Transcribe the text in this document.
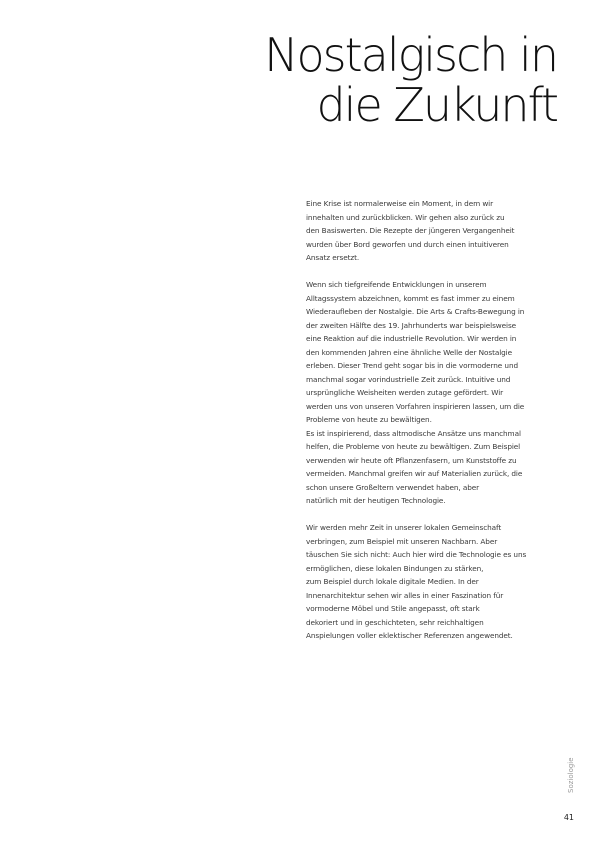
Nostalgisch in
die Zukunft

Eine Krise ist normalerweise ein Moment, in dem wir
innehalten und zurückblicken. Wir gehen also zurück zu
den Basiswerten. Die Rezepte der jüngeren Vergangenheit
wurden über Bord geworfen und durch einen intuitiveren
Ansatz ersetzt.

Wenn sich tiefgreifende Entwicklungen in unserem
Alltagssystem abzeichnen, kommt es fast immer zu einem
Wiederaufleben der Nostalgie. Die Arts & Crafts-Bewegung in
der zweiten Hälfte des 19. Jahrhunderts war beispielsweise
eine Reaktion auf die industrielle Revolution. Wir werden in
den kommenden Jahren eine ähnliche Welle der Nostalgie
erleben. Dieser Trend geht sogar bis in die vormoderne und
manchmal sogar vorindustrielle Zeit zurück. Intuitive und
ursprüngliche Weisheiten werden zutage gefördert. Wir
werden uns von unseren Vorfahren inspirieren lassen, um die
Probleme von heute zu bewältigen.

Es ist inspirierend, dass altmodische Ansätze uns manchmal
helfen, die Probleme von heute zu bewältigen. Zum Beispiel
verwenden wir heute oft Pflanzenfasern, um Kunststoffe zu
vermeiden. Manchmal greifen wir auf Materialien zurück, die
schon unsere Großeltern verwendet haben, aber
natürlich mit der heutigen Technologie.

Wir werden mehr Zeit in unserer lokalen Gemeinschaft
verbringen, zum Beispiel mit unseren Nachbarn. Aber
täuschen Sie sich nicht: Auch hier wird die Technologie es uns
ermöglichen, diese lokalen Bindungen zu stärken,
zum Beispiel durch lokale digitale Medien. In der
Innenarchitektur sehen wir alles in einer Faszination für
vormoderne Möbel und Stile angepasst, oft stark
dekoriert und in geschichteten, sehr reichhaltigen
Anspielungen voller eklektischer Referenzen angewendet.

Soziologie
41
